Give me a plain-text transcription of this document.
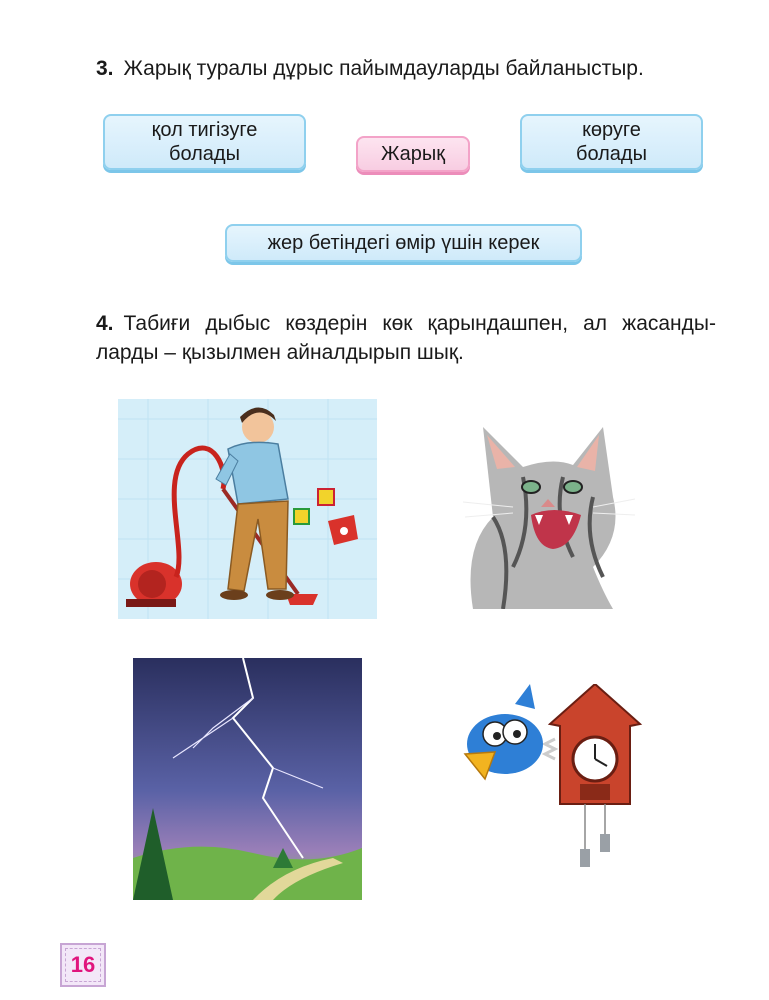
3. Жарық туралы дұрыс пайымдауларды байланыстыр.
қол тигізуге
болады	Жарық
көруге
болады
жер бетіндегі өмір үшін керек
4. Табиғи дыбыс көздерін көк қарындашпен, ал жасанды-
ларды – қызылмен айналдырып шық.
16
